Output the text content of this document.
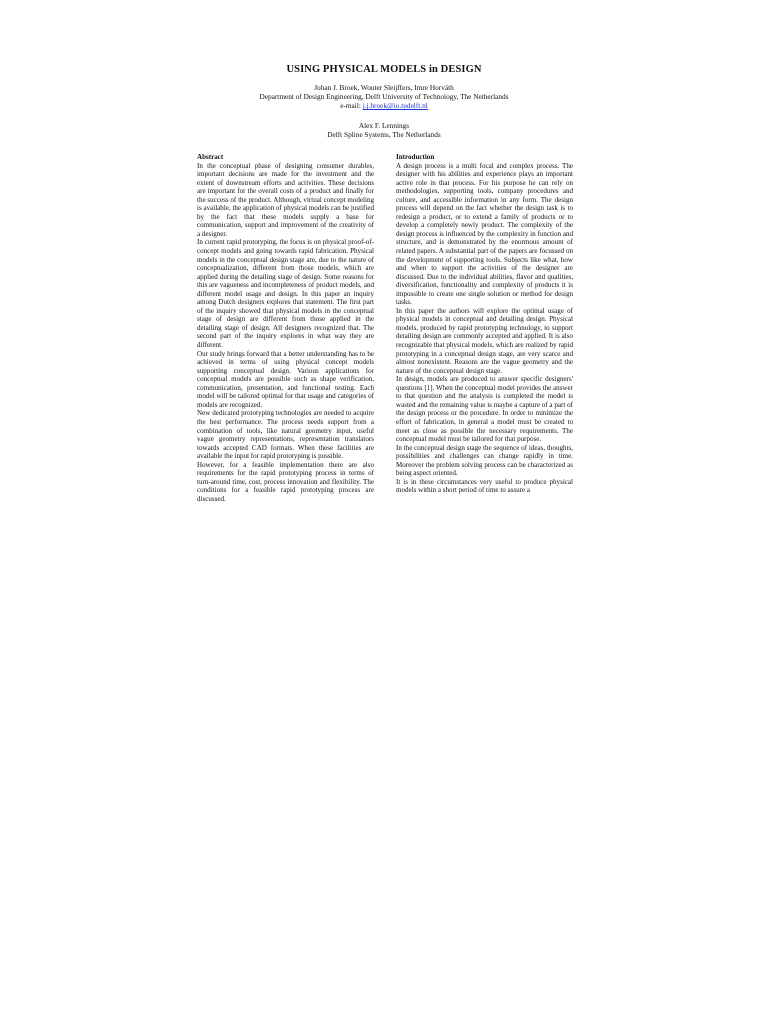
USING PHYSICAL MODELS in DESIGN
Johan J. Broek, Wouter Sleijffers, Imre Horváth
Department of Design Engineering, Delft University of Technology, The Netherlands
e-mail: j.j.broek@io.tudelft.nl
Alex F. Lennings
Delft Spline Systems, The Netherlands
Abstract

In the conceptual phase of designing consumer durables, important decisions are made for the investment and the extent of downstream efforts and activities. These decisions are important for the overall costs of a product and finally for the success of the product. Although, virtual concept modeling is available, the application of physical models can be justified by the fact that these models supply a base for communication, support and improvement of the creativity of a designer.

In current rapid prototyping, the focus is on physical proof-of-concept models and going towards rapid fabrication. Physical models in the conceptual design stage are, due to the nature of conceptualization, different from those models, which are applied during the detailing stage of design. Some reasons for this are vagueness and incompleteness of product models, and different model usage and design. In this paper an inquiry among Dutch designers explores that statement. The first part of the inquiry showed that physical models in the conceptual stage of design are different from those applied in the detailing stage of design. All designers recognized that. The second part of the inquiry explores in what way they are different.

Our study brings forward that a better understanding has to be achieved in terms of using physical concept models supporting conceptual design. Various applications for conceptual models are possible such as shape verification, communication, presentation, and functional testing. Each model will be tailored optimal for that usage and categories of models are recognized.

New dedicated prototyping technologies are needed to acquire the best performance. The process needs support from a combination of tools, like natural geometry input, useful vague geometry representations, representation translators towards accepted CAD formats. When these facilities are available the input for rapid prototyping is possible.

However, for a feasible implementation there are also requirements for the rapid prototyping process in terms of turn-around time, cost, process innovation and flexibility. The conditions for a feasible rapid prototyping process are discussed.

Introduction

A design process is a multi focal and complex process. The designer with his abilities and experience plays an important active role in that process. For his purpose he can rely on methodologies, supporting tools, company procedures and culture, and accessible information in any form. The design process will depend on the fact whether the design task is to redesign a product, or to extend a family of products or to develop a completely newly product. The complexity of the design process is influenced by the complexity in function and structure, and is demonstrated by the enormous amount of related papers. A substantial part of the papers are focussed on the development of supporting tools. Subjects like what, how and when to support the activities of the designer are discussed. Due to the individual abilities, flavor and qualities, diversification, functionality and complexity of products it is impossible to create one single solution or method for design tasks.

In this paper the authors will explore the optimal usage of physical models in conceptual and detailing design. Physical models, produced by rapid prototyping technology, to support detailing design are commonly accepted and applied. It is also recognizable that physical models, which are realized by rapid prototyping in a conceptual design stage, are very scarce and almost nonexistent. Reasons are the vague geometry and the nature of the conceptual design stage.

In design, models are produced to answer specific designers' questions [1]. When the conceptual model provides the answer to that question and the analysis is completed the model is wasted and the remaining value is maybe a capture of a part of the design process or the procedure. In order to minimize the effort of fabrication, in general a model must be created to meet as close as possible the necessary requirements. The conceptual model must be tailored for that purpose.

In the conceptual design stage the sequence of ideas, thoughts, possibilities and challenges can change rapidly in time. Moreover the problem solving process can be characterized as being aspect oriented.

It is in these circumstances very useful to produce physical models within a short period of time to assure a
